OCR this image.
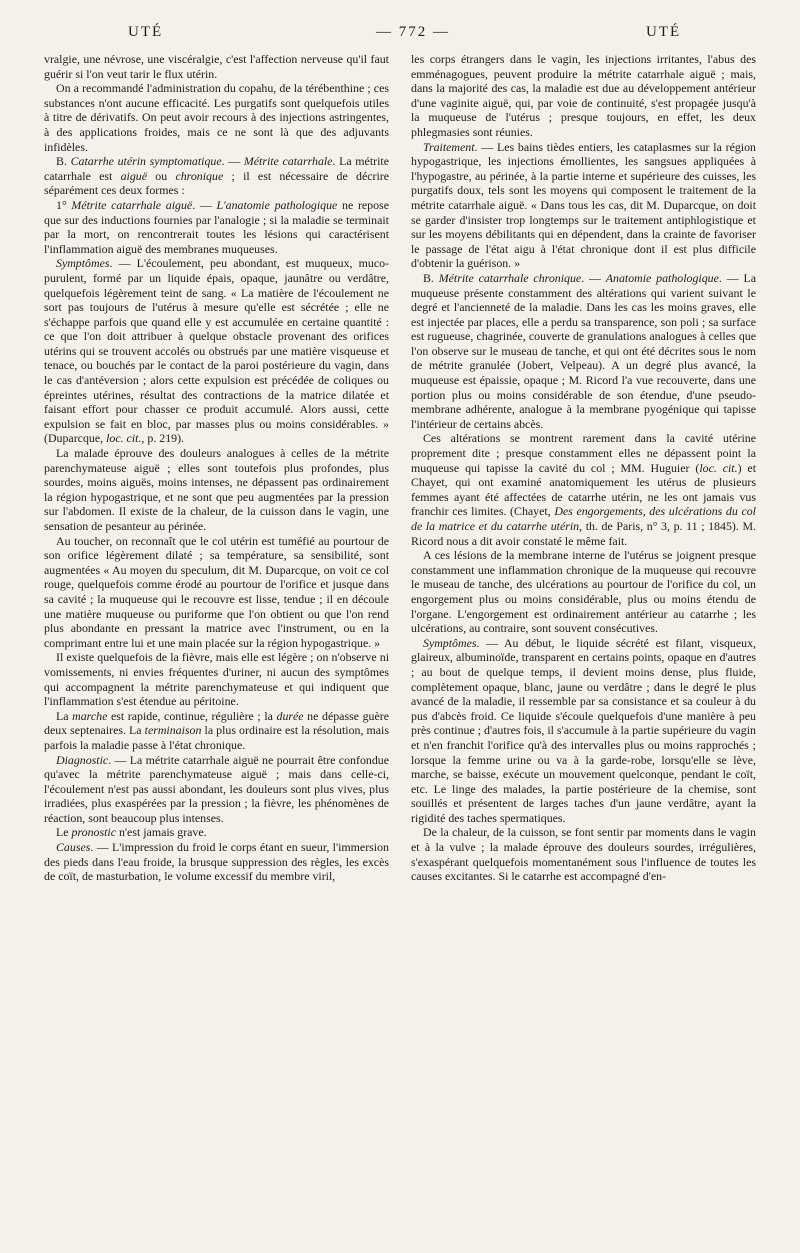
UTÉ	— 772 —	UTÉ

vralgie, une névrose, une viscéralgie, c'est l'affection nerveuse qu'il faut guérir si l'on veut tarir le flux utérin.

On a recommandé l'administration du copahu, de la térébenthine ; ces substances n'ont aucune efficacité. Les purgatifs sont quelquefois utiles à titre de dérivatifs. On peut avoir recours à des injections astringentes, à des applications froides, mais ce ne sont là que des adjuvants infidèles.

B. Catarrhe utérin symptomatique. — Métrite catarrhale. La métrite catarrhale est aiguë ou chronique ; il est nécessaire de décrire séparément ces deux formes :

1° Métrite catarrhale aiguë. — L'anatomie pathologique ne repose que sur des inductions fournies par l'analogie ; si la maladie se terminait par la mort, on rencontrerait toutes les lésions qui caractérisent l'inflammation aiguë des membranes muqueuses.

Symptômes. — L'écoulement, peu abondant, est muqueux, muco-purulent, formé par un liquide épais, opaque, jaunâtre ou verdâtre, quelquefois légèrement teint de sang. « La matière de l'écoulement ne sort pas toujours de l'utérus à mesure qu'elle est sécrétée ; elle ne s'échappe parfois que quand elle y est accumulée en certaine quantité : ce que l'on doit attribuer à quelque obstacle provenant des orifices utérins qui se trouvent accolés ou obstrués par une matière visqueuse et tenace, ou bouchés par le contact de la paroi postérieure du vagin, dans le cas d'antéversion ; alors cette expulsion est précédée de coliques ou épreintes utérines, résultat des contractions de la matrice dilatée et faisant effort pour chasser ce produit accumulé. Alors aussi, cette expulsion se fait en bloc, par masses plus ou moins considérables. » (Duparcque, loc. cit., p. 219).

La malade éprouve des douleurs analogues à celles de la métrite parenchymateuse aiguë ; elles sont toutefois plus profondes, plus sourdes, moins aiguës, moins intenses, ne dépassent pas ordinairement la région hypogastrique, et ne sont que peu augmentées par la pression sur l'abdomen. Il existe de la chaleur, de la cuisson dans le vagin, une sensation de pesanteur au périnée.

Au toucher, on reconnaît que le col utérin est tuméfié au pourtour de son orifice légèrement dilaté ; sa température, sa sensibilité, sont augmentées « Au moyen du speculum, dit M. Duparcque, on voit ce col rouge, quelquefois comme érodé au pourtour de l'orifice et jusque dans sa cavité ; la muqueuse qui le recouvre est lisse, tendue ; il en découle une matière muqueuse ou puriforme que l'on obtient ou que l'on rend plus abondante en pressant la matrice avec l'instrument, ou en la comprimant entre lui et une main placée sur la région hypogastrique. »

Il existe quelquefois de la fièvre, mais elle est légère ; on n'observe ni vomissements, ni envies fréquentes d'uriner, ni aucun des symptômes qui accompagnent la métrite parenchymateuse et qui indiquent que l'inflammation s'est étendue au péritoine.

La marche est rapide, continue, régulière ; la durée ne dépasse guère deux septenaires. La terminaison la plus ordinaire est la résolution, mais parfois la maladie passe à l'état chronique.

Diagnostic. — La métrite catarrhale aiguë ne pourrait être confondue qu'avec la métrite parenchymateuse aiguë ; mais dans celle-ci, l'écoulement n'est pas aussi abondant, les douleurs sont plus vives, plus irradiées, plus exaspérées par la pression ; la fièvre, les phénomènes de réaction, sont beaucoup plus intenses.

Le pronostic n'est jamais grave.

Causes. — L'impression du froid le corps étant en sueur, l'immersion des pieds dans l'eau froide, la brusque suppression des règles, les excès de coït, de masturbation, le volume excessif du membre viril,

les corps étrangers dans le vagin, les injections irritantes, l'abus des emménagogues, peuvent produire la métrite catarrhale aiguë ; mais, dans la majorité des cas, la maladie est due au développement antérieur d'une vaginite aiguë, qui, par voie de continuité, s'est propagée jusqu'à la muqueuse de l'utérus ; presque toujours, en effet, les deux phlegmasies sont réunies.

Traitement. — Les bains tièdes entiers, les cataplasmes sur la région hypogastrique, les injections émollientes, les sangsues appliquées à l'hypogastre, au périnée, à la partie interne et supérieure des cuisses, les purgatifs doux, tels sont les moyens qui composent le traitement de la métrite catarrhale aiguë. « Dans tous les cas, dit M. Duparcque, on doit se garder d'insister trop longtemps sur le traitement antiphlogistique et sur les moyens débilitants qui en dépendent, dans la crainte de favoriser le passage de l'état aigu à l'état chronique dont il est plus difficile d'obtenir la guérison. »

B. Métrite catarrhale chronique. — Anatomie pathologique. — La muqueuse présente constamment des altérations qui varient suivant le degré et l'ancienneté de la maladie. Dans les cas les moins graves, elle est injectée par places, elle a perdu sa transparence, son poli ; sa surface est rugueuse, chagrinée, couverte de granulations analogues à celles que l'on observe sur le museau de tanche, et qui ont été décrites sous le nom de métrite granulée (Jobert, Velpeau). A un degré plus avancé, la muqueuse est épaissie, opaque ; M. Ricord l'a vue recouverte, dans une portion plus ou moins considérable de son étendue, d'une pseudo-membrane adhérente, analogue à la membrane pyogénique qui tapisse l'intérieur de certains abcès.

Ces altérations se montrent rarement dans la cavité utérine proprement dite ; presque constamment elles ne dépassent point la muqueuse qui tapisse la cavité du col ; MM. Huguier (loc. cit.) et Chayet, qui ont examiné anatomiquement les utérus de plusieurs femmes ayant été affectées de catarrhe utérin, ne les ont jamais vus franchir ces limites. (Chayet, Des engorgements, des ulcérations du col de la matrice et du catarrhe utérin, th. de Paris, n° 3, p. 11 ; 1845). M. Ricord nous a dit avoir constaté le même fait.

A ces lésions de la membrane interne de l'utérus se joignent presque constamment une inflammation chronique de la muqueuse qui recouvre le museau de tanche, des ulcérations au pourtour de l'orifice du col, un engorgement plus ou moins considérable, plus ou moins étendu de l'organe. L'engorgement est ordinairement antérieur au catarrhe ; les ulcérations, au contraire, sont souvent consécutives.

Symptômes. — Au début, le liquide sécrété est filant, visqueux, glaireux, albuminoïde, transparent en certains points, opaque en d'autres ; au bout de quelque temps, il devient moins dense, plus fluide, complètement opaque, blanc, jaune ou verdâtre ; dans le degré le plus avancé de la maladie, il ressemble par sa consistance et sa couleur à du pus d'abcès froid. Ce liquide s'écoule quelquefois d'une manière à peu près continue ; d'autres fois, il s'accumule à la partie supérieure du vagin et n'en franchit l'orifice qu'à des intervalles plus ou moins rapprochés ; lorsque la femme urine ou va à la garde-robe, lorsqu'elle se lève, marche, se baisse, exécute un mouvement quelconque, pendant le coït, etc. Le linge des malades, la partie postérieure de la chemise, sont souillés et présentent de larges taches d'un jaune verdâtre, ayant la rigidité des taches spermatiques.

De la chaleur, de la cuisson, se font sentir par moments dans le vagin et à la vulve ; la malade éprouve des douleurs sourdes, irrégulières, s'exaspérant quelquefois momentanément sous l'influence de toutes les causes excitantes. Si le catarrhe est accompagné d'en-
